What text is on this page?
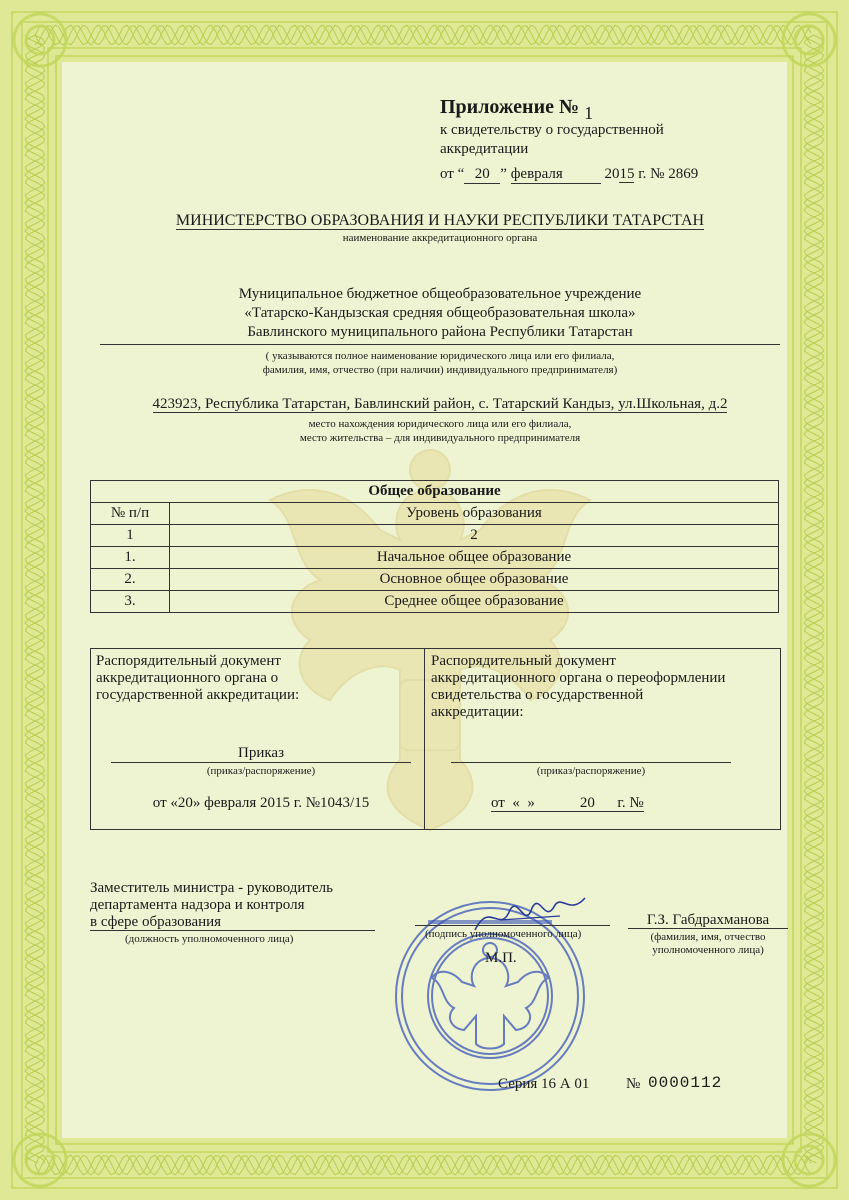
Приложение № 1
к свидетельству о государственной
аккредитации
от “ 20 ” февраля	2015 г. № 2869
МИНИСТЕРСТВО ОБРАЗОВАНИЯ И НАУКИ РЕСПУБЛИКИ ТАТАРСТАН
наименование аккредитационного органа
Муниципальное бюджетное общеобразовательное учреждение
«Татарско-Кандызская средняя общеобразовательная школа»
Бавлинского муниципального района Республики Татарстан
( указываются полное наименование юридического лица или его филиала,
фамилия, имя, отчество (при наличии) индивидуального предпринимателя)
423923, Республика Татарстан, Бавлинский район, с. Татарский Кандыз, ул.Школьная, д.2
место нахождения юридического лица или его филиала,
место жительства – для индивидуального предпринимателя
Общее образование	
№ п/п	Уровень образования
1	2
1.	Начальное общее образование
2.	Основное общее образование
3.	Среднее общее образование
Распорядительный документ
аккредитационного органа о
государственной аккредитации:
Приказ
(приказ/распоряжение)
от «20» февраля 2015 г. №1043/15
Распорядительный документ
аккредитационного органа о переоформлении
свидетельства о государственной
аккредитации:
(приказ/распоряжение)
от  «  »            20      г. №
Заместитель министра - руководитель
департамента надзора и контроля
в сфере образования
(должность уполномоченного лица)	(подпись уполномоченного лица)
М.П.
Г.З. Габдрахманова
(фамилия, имя, отчество
уполномоченного лица)
Серия 16 А 01 № 0000112
